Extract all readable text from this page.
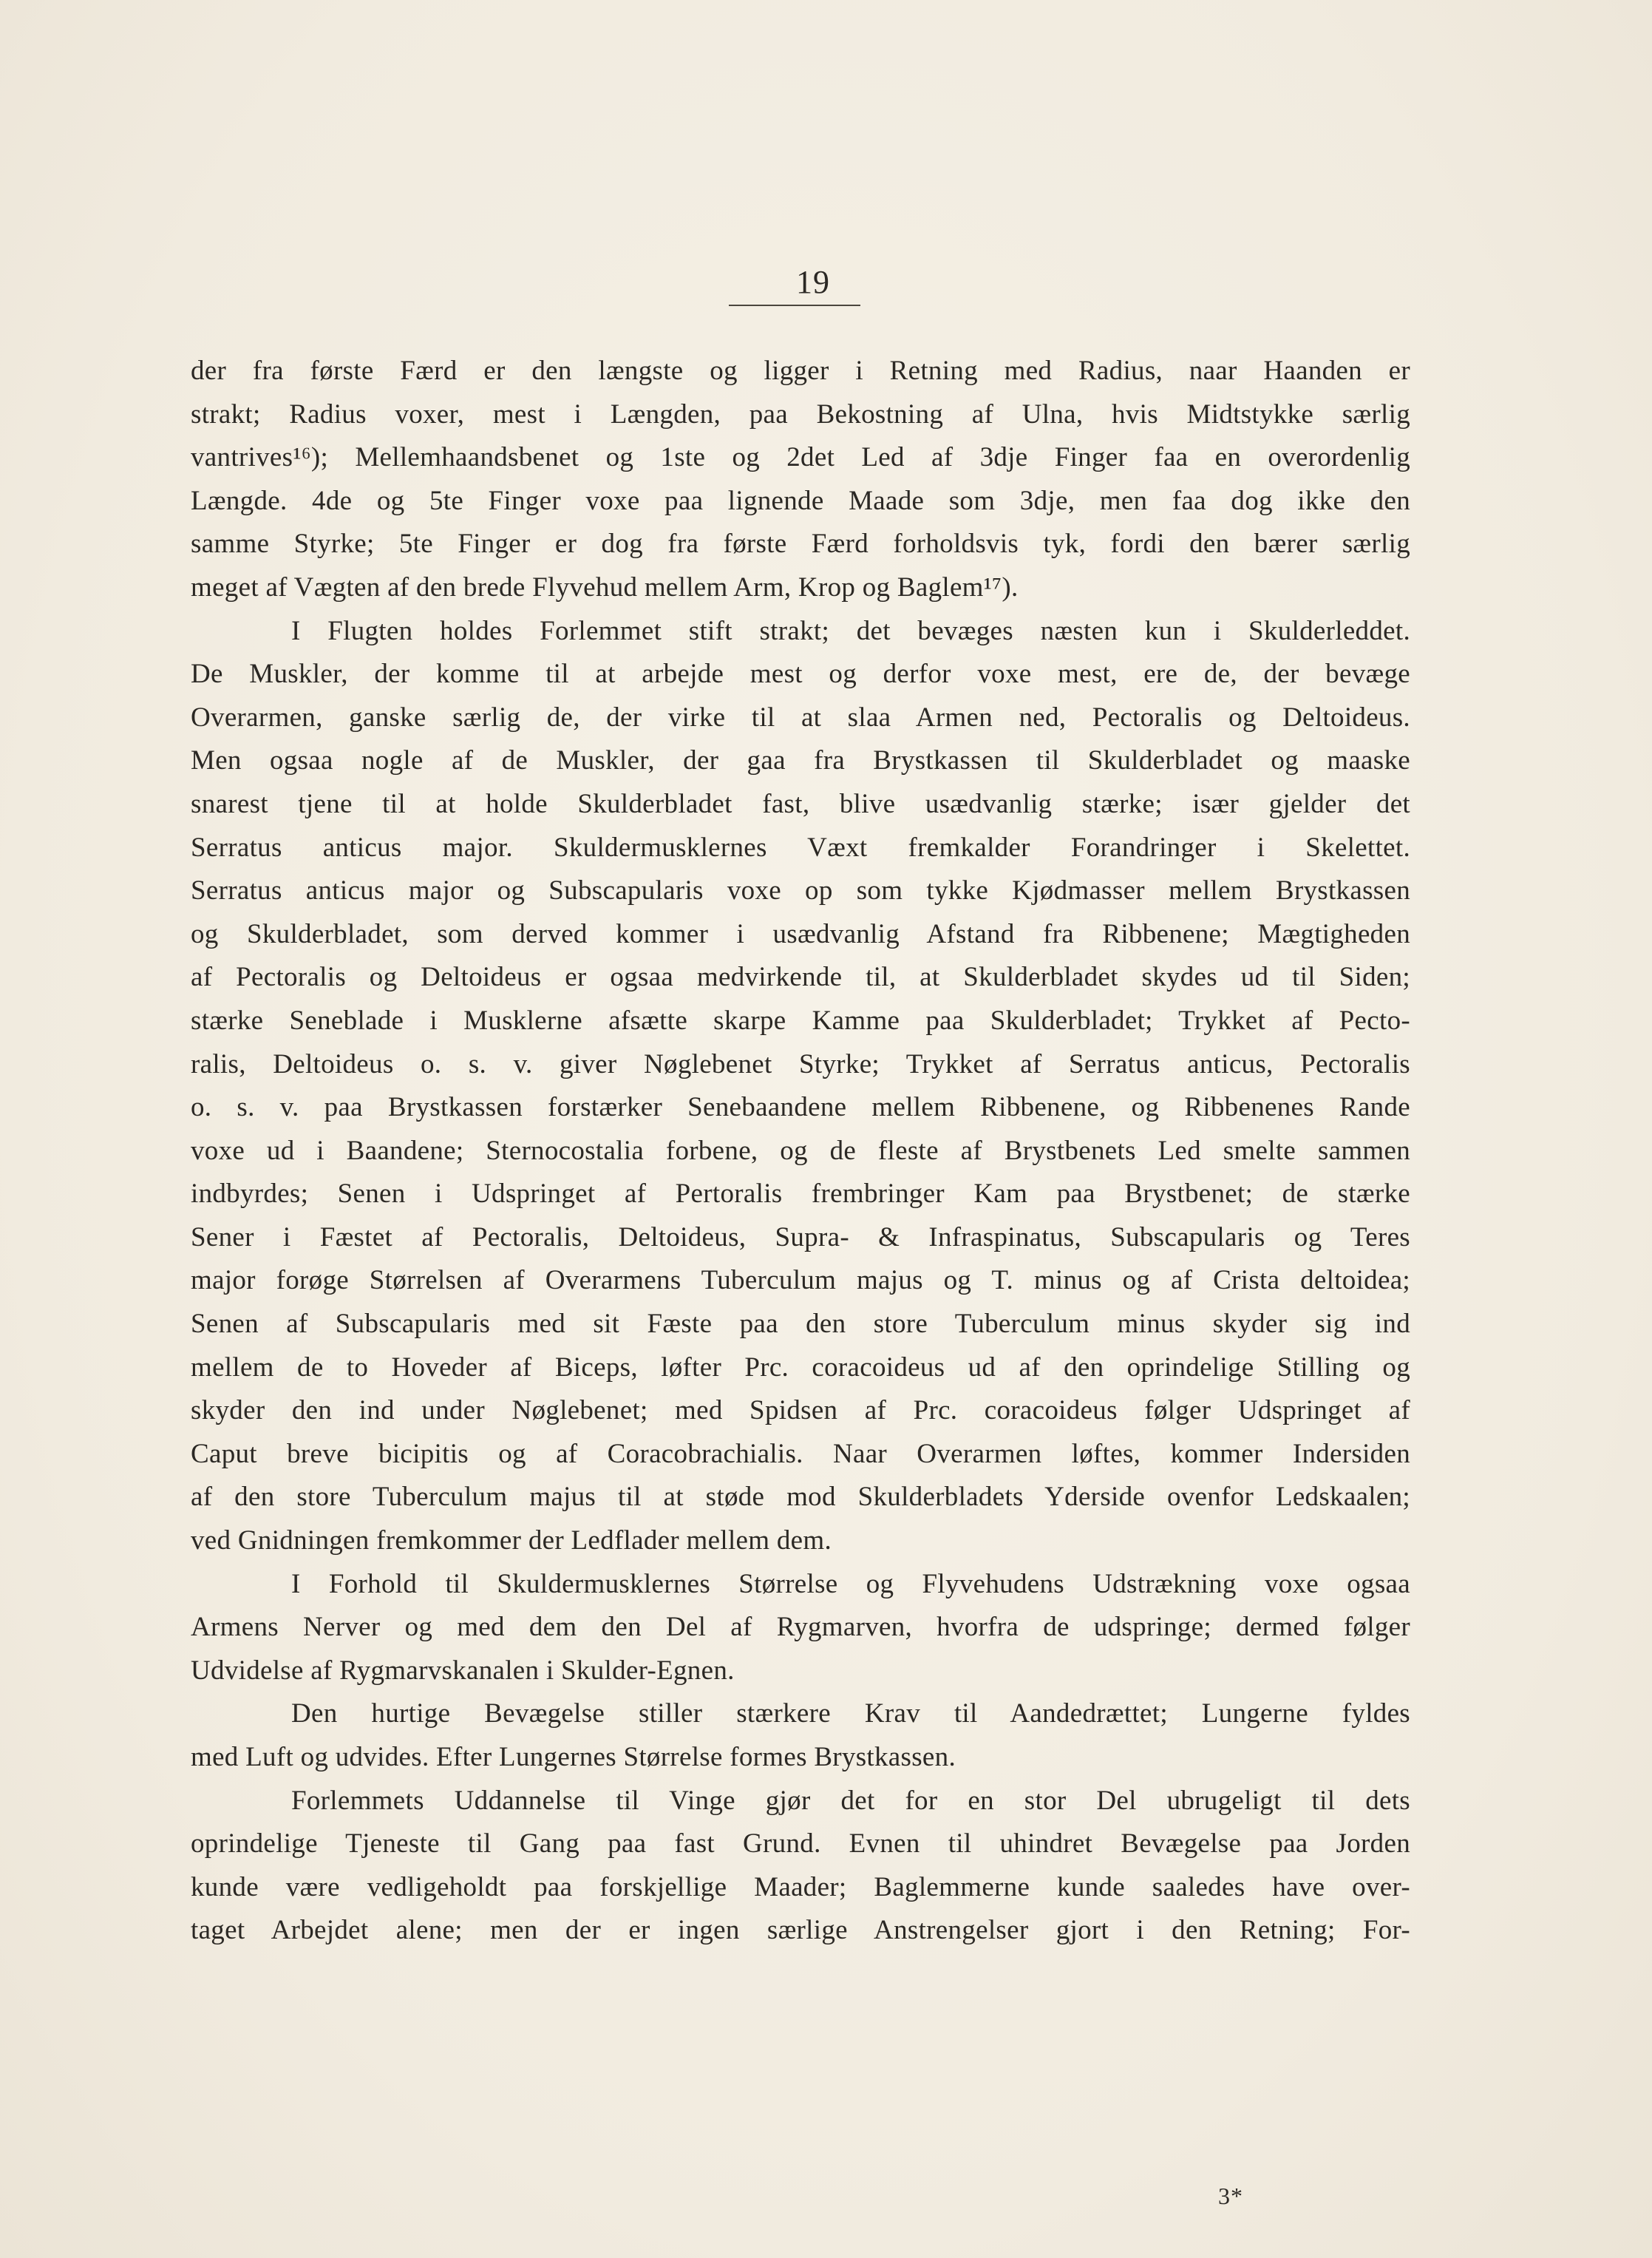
19
der fra første Færd er den længste og ligger i Retning med Radius, naar Haanden er
strakt; Radius voxer, mest i Længden, paa Bekostning af Ulna, hvis Midtstykke særlig
vantrives¹⁶); Mellemhaandsbenet og 1ste og 2det Led af 3dje Finger faa en overordenlig
Længde. 4de og 5te Finger voxe paa lignende Maade som 3dje, men faa dog ikke den
samme Styrke; 5te Finger er dog fra første Færd forholdsvis tyk, fordi den bærer særlig
meget af Vægten af den brede Flyvehud mellem Arm, Krop og Baglem¹⁷).
I Flugten holdes Forlemmet stift strakt; det bevæges næsten kun i Skulderleddet.
De Muskler, der komme til at arbejde mest og derfor voxe mest, ere de, der bevæge
Overarmen, ganske særlig de, der virke til at slaa Armen ned, Pectoralis og Deltoideus.
Men ogsaa nogle af de Muskler, der gaa fra Brystkassen til Skulderbladet og maaske
snarest tjene til at holde Skulderbladet fast, blive usædvanlig stærke; især gjelder det
Serratus anticus major. Skuldermusklernes Væxt fremkalder Forandringer i Skelettet.
Serratus anticus major og Subscapularis voxe op som tykke Kjødmasser mellem Brystkassen
og Skulderbladet, som derved kommer i usædvanlig Afstand fra Ribbenene; Mægtigheden
af Pectoralis og Deltoideus er ogsaa medvirkende til, at Skulderbladet skydes ud til Siden;
stærke Seneblade i Musklerne afsætte skarpe Kamme paa Skulderbladet; Trykket af Pecto-
ralis, Deltoideus o. s. v. giver Nøglebenet Styrke; Trykket af Serratus anticus, Pectoralis
o. s. v. paa Brystkassen forstærker Senebaandene mellem Ribbenene, og Ribbenenes Rande
voxe ud i Baandene; Sternocostalia forbene, og de fleste af Brystbenets Led smelte sammen
indbyrdes; Senen i Udspringet af Pertoralis frembringer Kam paa Brystbenet; de stærke
Sener i Fæstet af Pectoralis, Deltoideus, Supra- & Infraspinatus, Subscapularis og Teres
major forøge Størrelsen af Overarmens Tuberculum majus og T. minus og af Crista deltoidea;
Senen af Subscapularis med sit Fæste paa den store Tuberculum minus skyder sig ind
mellem de to Hoveder af Biceps, løfter Prc. coracoideus ud af den oprindelige Stilling og
skyder den ind under Nøglebenet; med Spidsen af Prc. coracoideus følger Udspringet af
Caput breve bicipitis og af Coracobrachialis. Naar Overarmen løftes, kommer Indersiden
af den store Tuberculum majus til at støde mod Skulderbladets Yderside ovenfor Ledskaalen;
ved Gnidningen fremkommer der Ledflader mellem dem.
I Forhold til Skuldermusklernes Størrelse og Flyvehudens Udstrækning voxe ogsaa
Armens Nerver og med dem den Del af Rygmarven, hvorfra de udspringe; dermed følger
Udvidelse af Rygmarvskanalen i Skulder-Egnen.
Den hurtige Bevægelse stiller stærkere Krav til Aandedrættet; Lungerne fyldes
med Luft og udvides. Efter Lungernes Størrelse formes Brystkassen.
Forlemmets Uddannelse til Vinge gjør det for en stor Del ubrugeligt til dets
oprindelige Tjeneste til Gang paa fast Grund. Evnen til uhindret Bevægelse paa Jorden
kunde være vedligeholdt paa forskjellige Maader; Baglemmerne kunde saaledes have over-
taget Arbejdet alene; men der er ingen særlige Anstrengelser gjort i den Retning; For-
3*
